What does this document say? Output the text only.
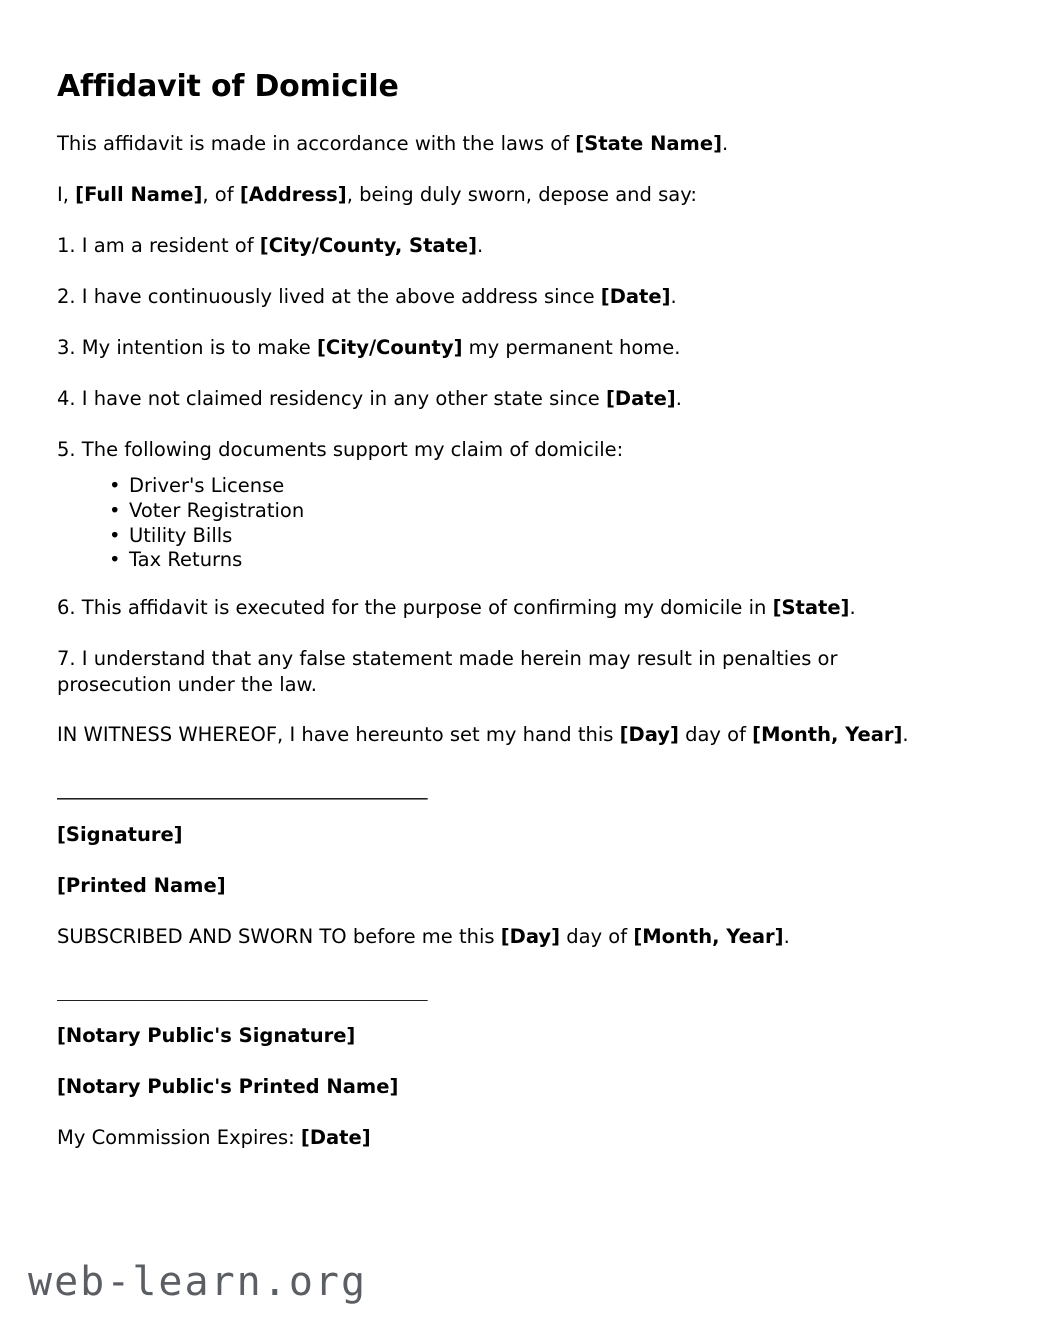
Affidavit of Domicile

This affidavit is made in accordance with the laws of [State Name].

I, [Full Name], of [Address], being duly sworn, depose and say:

1. I am a resident of [City/County, State].

2. I have continuously lived at the above address since [Date].

3. My intention is to make [City/County] my permanent home.

4. I have not claimed residency in any other state since [Date].

5. The following documents support my claim of domicile:

• Driver's License
• Voter Registration
• Utility Bills
• Tax Returns

6. This affidavit is executed for the purpose of confirming my domicile in [State].

7. I understand that any false statement made herein may result in penalties or prosecution under the law.

IN WITNESS WHEREOF, I have hereunto set my hand this [Day] day of [Month, Year].

______________________________________

[Signature]

[Printed Name]

SUBSCRIBED AND SWORN TO before me this [Day] day of [Month, Year].

______________________________________

[Notary Public's Signature]

[Notary Public's Printed Name]

My Commission Expires: [Date]

web-learn.org
